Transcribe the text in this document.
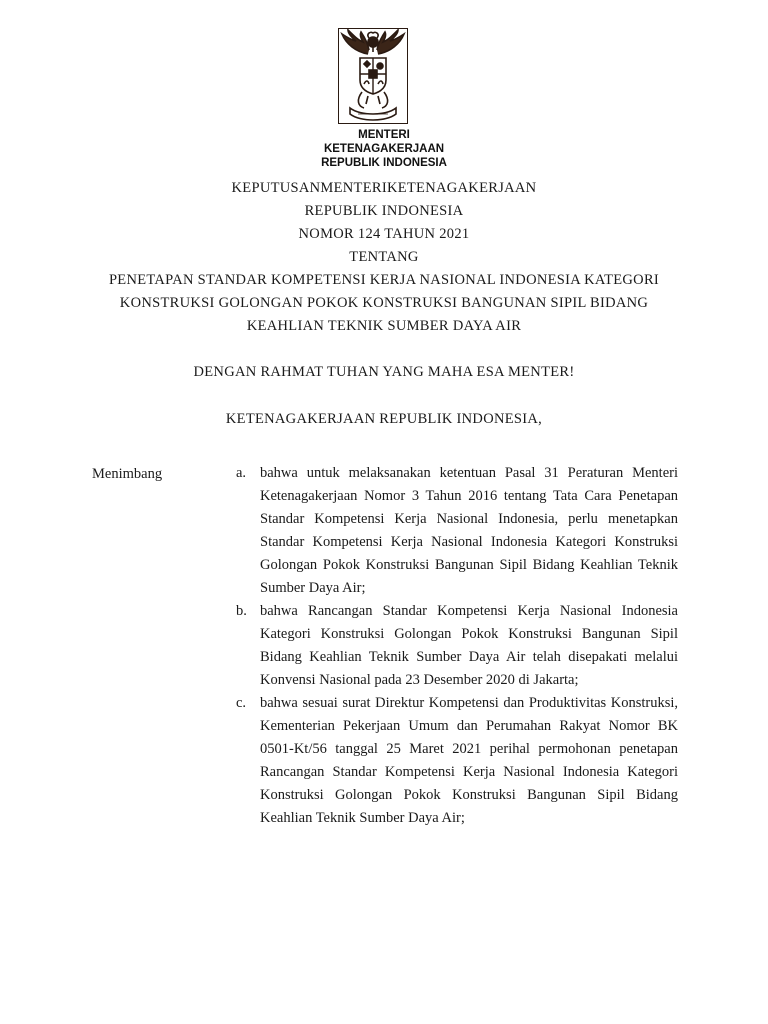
MENTERI
KETENAGAKERJAAN
REPUBLIK INDONESIA
KEPUTUSANMENTERIKETENAGAKERJAAN
REPUBLIK INDONESIA
NOMOR 124 TAHUN 2021
TENTANG
PENETAPAN STANDAR KOMPETENSI KERJA NASIONAL INDONESIA KATEGORI
KONSTRUKSI GOLONGAN POKOK KONSTRUKSI BANGUNAN SIPIL BIDANG
KEAHLIAN TEKNIK SUMBER DAYA AIR
DENGAN RAHMAT TUHAN YANG MAHA ESA MENTER!
KETENAGAKERJAAN REPUBLIK INDONESIA,
Menimbang	a. bahwa untuk melaksanakan ketentuan Pasal 31 Peraturan Menteri Ketenagakerjaan Nomor 3 Tahun 2016 tentang Tata Cara Penetapan Standar Kompetensi Kerja Nasional Indonesia, perlu menetapkan Standar Kompetensi Kerja Nasional Indonesia Kategori Konstruksi Golongan Pokok Konstruksi Bangunan Sipil Bidang Keahlian Teknik Sumber Daya Air;
b. bahwa Rancangan Standar Kompetensi Kerja Nasional Indonesia Kategori Konstruksi Golongan Pokok Konstruksi Bangunan Sipil Bidang Keahlian Teknik Sumber Daya Air telah disepakati melalui Konvensi Nasional pada 23 Desember 2020 di Jakarta;
c. bahwa sesuai surat Direktur Kompetensi dan Produktivitas Konstruksi, Kementerian Pekerjaan Umum dan Perumahan Rakyat Nomor BK 0501-Kt/56 tanggal 25 Maret 2021 perihal permohonan penetapan Rancangan Standar Kompetensi Kerja Nasional Indonesia Kategori Konstruksi Golongan Pokok Konstruksi Bangunan Sipil Bidang Keahlian Teknik Sumber Daya Air;
